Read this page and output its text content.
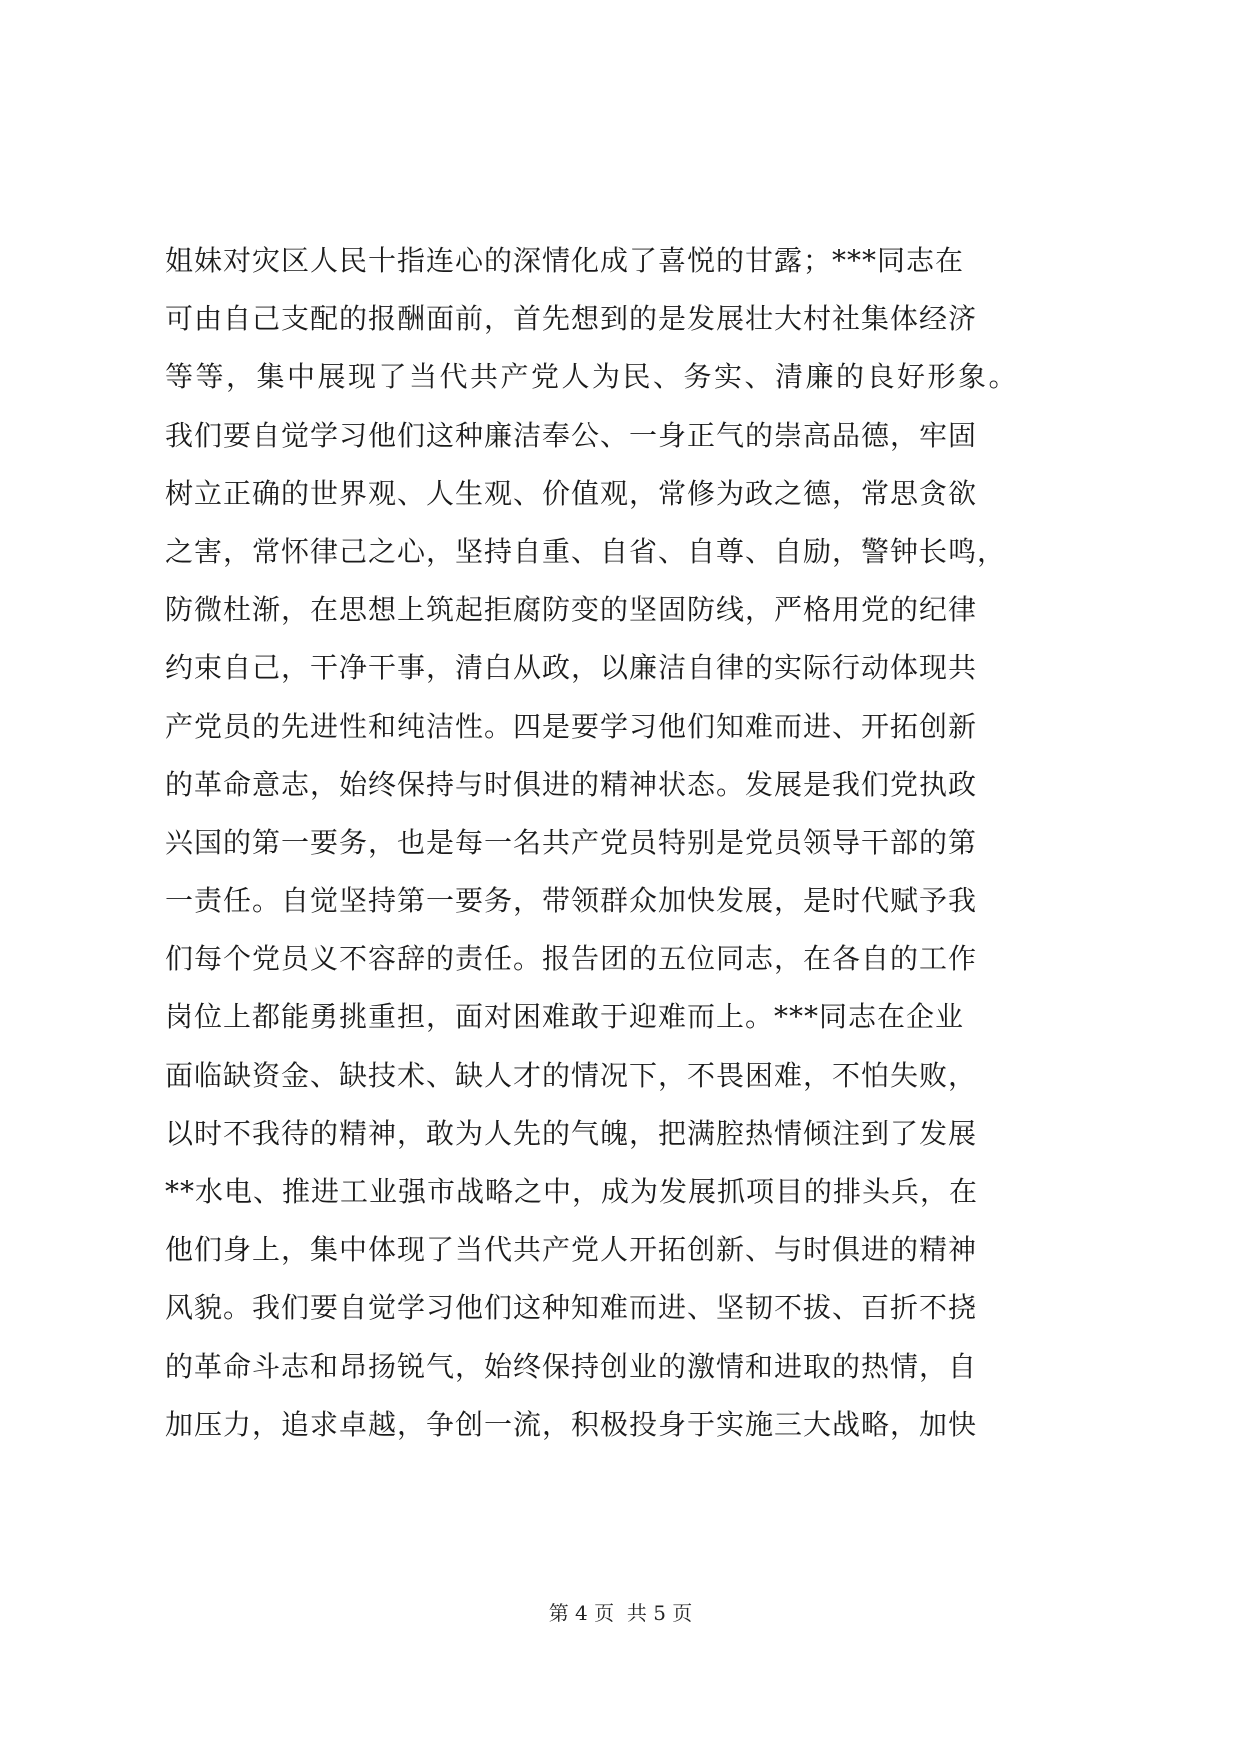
姐妹对灾区人民十指连心的深情化成了喜悦的甘露；***同志在
可由自己支配的报酬面前，首先想到的是发展壮大村社集体经济
等等，集中展现了当代共产党人为民、务实、清廉的良好形象。
我们要自觉学习他们这种廉洁奉公、一身正气的崇高品德，牢固
树立正确的世界观、人生观、价值观，常修为政之德，常思贪欲
之害，常怀律己之心，坚持自重、自省、自尊、自励，警钟长鸣，
防微杜渐，在思想上筑起拒腐防变的坚固防线，严格用党的纪律
约束自己，干净干事，清白从政，以廉洁自律的实际行动体现共
产党员的先进性和纯洁性。四是要学习他们知难而进、开拓创新
的革命意志，始终保持与时俱进的精神状态。发展是我们党执政
兴国的第一要务，也是每一名共产党员特别是党员领导干部的第
一责任。自觉坚持第一要务，带领群众加快发展，是时代赋予我
们每个党员义不容辞的责任。报告团的五位同志，在各自的工作
岗位上都能勇挑重担，面对困难敢于迎难而上。***同志在企业
面临缺资金、缺技术、缺人才的情况下，不畏困难，不怕失败，
以时不我待的精神，敢为人先的气魄，把满腔热情倾注到了发展
**水电、推进工业强市战略之中，成为发展抓项目的排头兵，在
他们身上，集中体现了当代共产党人开拓创新、与时俱进的精神
风貌。我们要自觉学习他们这种知难而进、坚韧不拔、百折不挠
的革命斗志和昂扬锐气，始终保持创业的激情和进取的热情，自
加压力，追求卓越，争创一流，积极投身于实施三大战略，加快
第 4 页  共 5 页
